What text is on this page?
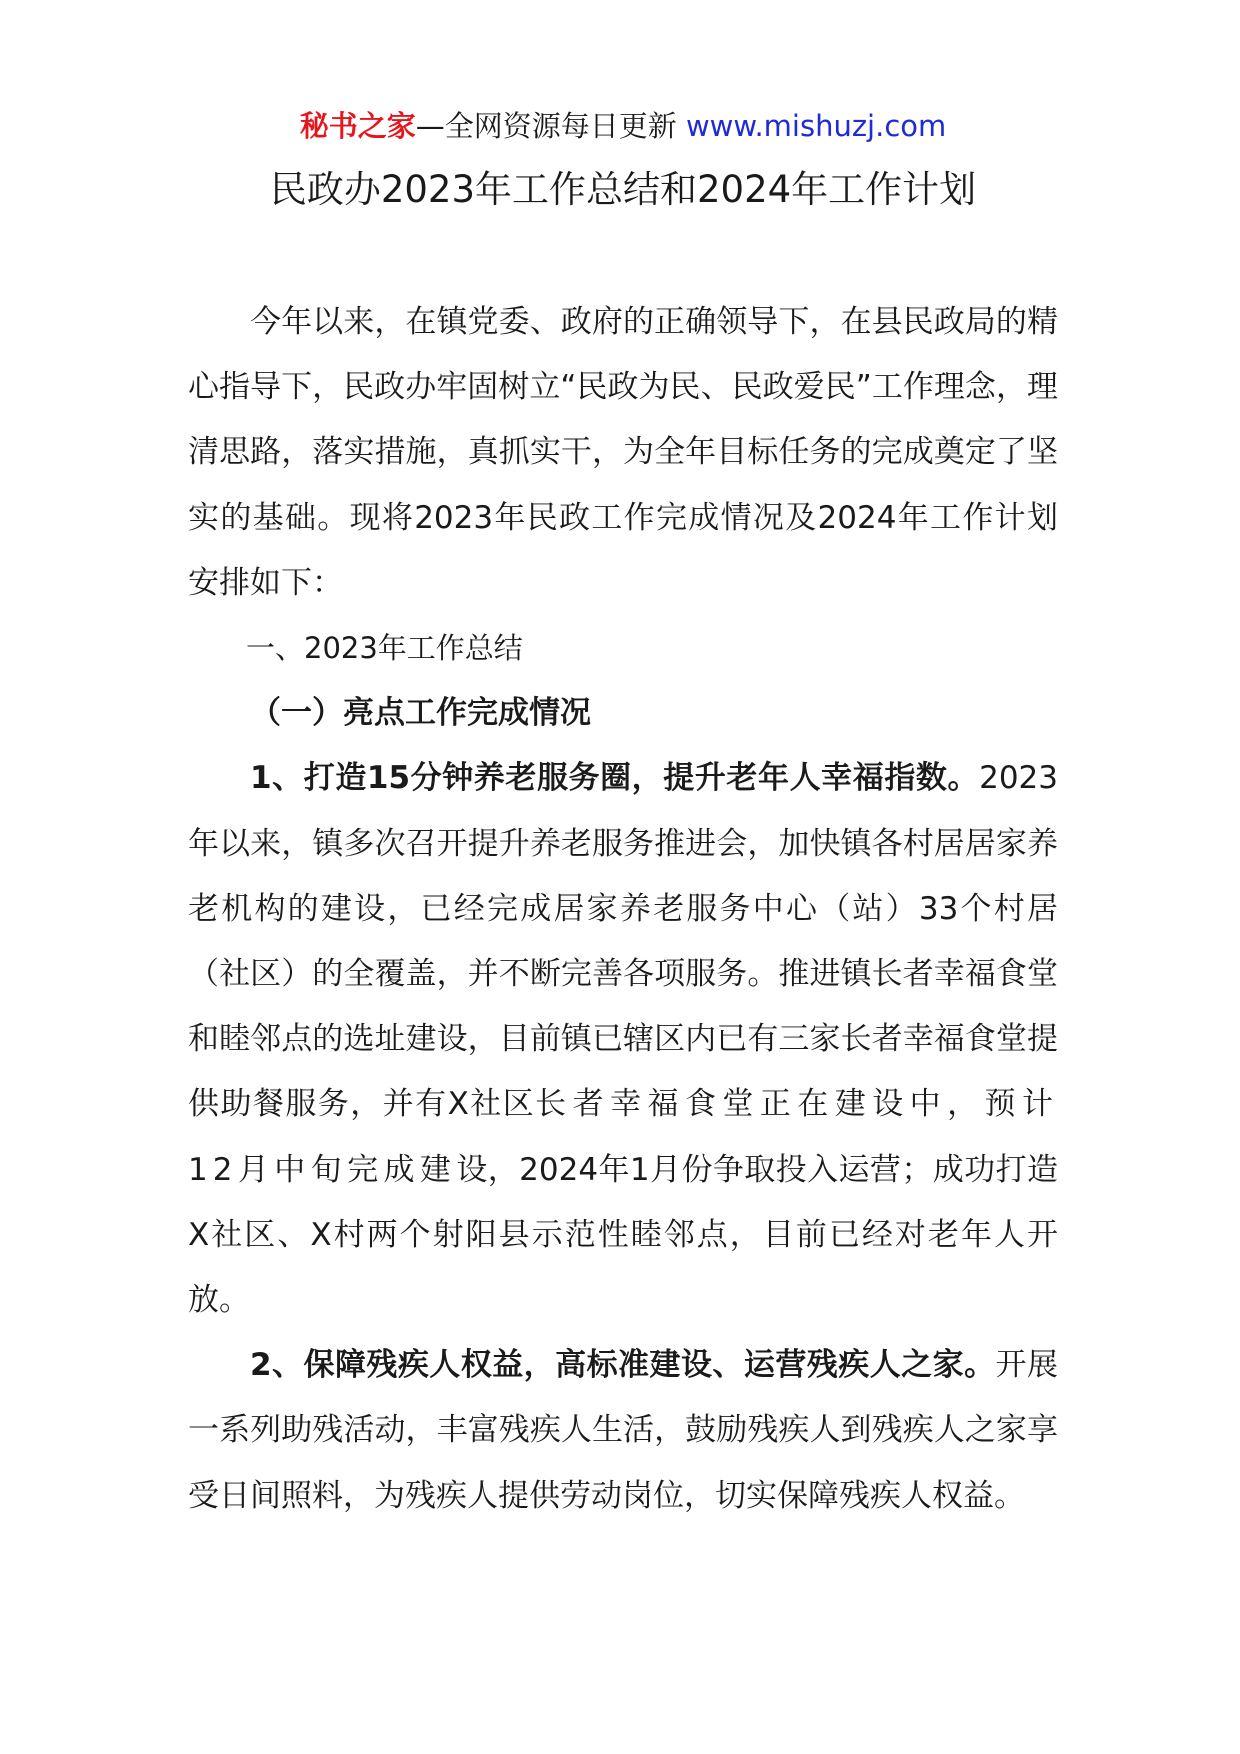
秘书之家—全网资源每日更新 www.mishuzj.com
民政办2023年工作总结和2024年工作计划

今年以来，在镇党委、政府的正确领导下，在县民政局的精心指导下，民政办牢固树立“民政为民、民政爱民”工作理念，理清思路，落实措施，真抓实干，为全年目标任务的完成奠定了坚实的基础。现将2023年民政工作完成情况及2024年工作计划安排如下：

一、2023年工作总结

（一）亮点工作完成情况

1、打造15分钟养老服务圈，提升老年人幸福指数。2023年以来，镇多次召开提升养老服务推进会，加快镇各村居居家养老机构的建设，已经完成居家养老服务中心（站）33个村居（社区）的全覆盖，并不断完善各项服务。推进镇长者幸福食堂和睦邻点的选址建设，目前镇已辖区内已有三家长者幸福食堂提供助餐服务，并有X社区长者幸福食堂正在建设中，预计12月中旬完成建设，2024年1月份争取投入运营；成功打造X社区、X村两个射阳县示范性睦邻点，目前已经对老年人开放。

2、保障残疾人权益，高标准建设、运营残疾人之家。开展一系列助残活动，丰富残疾人生活，鼓励残疾人到残疾人之家享受日间照料，为残疾人提供劳动岗位，切实保障残疾人权益。
